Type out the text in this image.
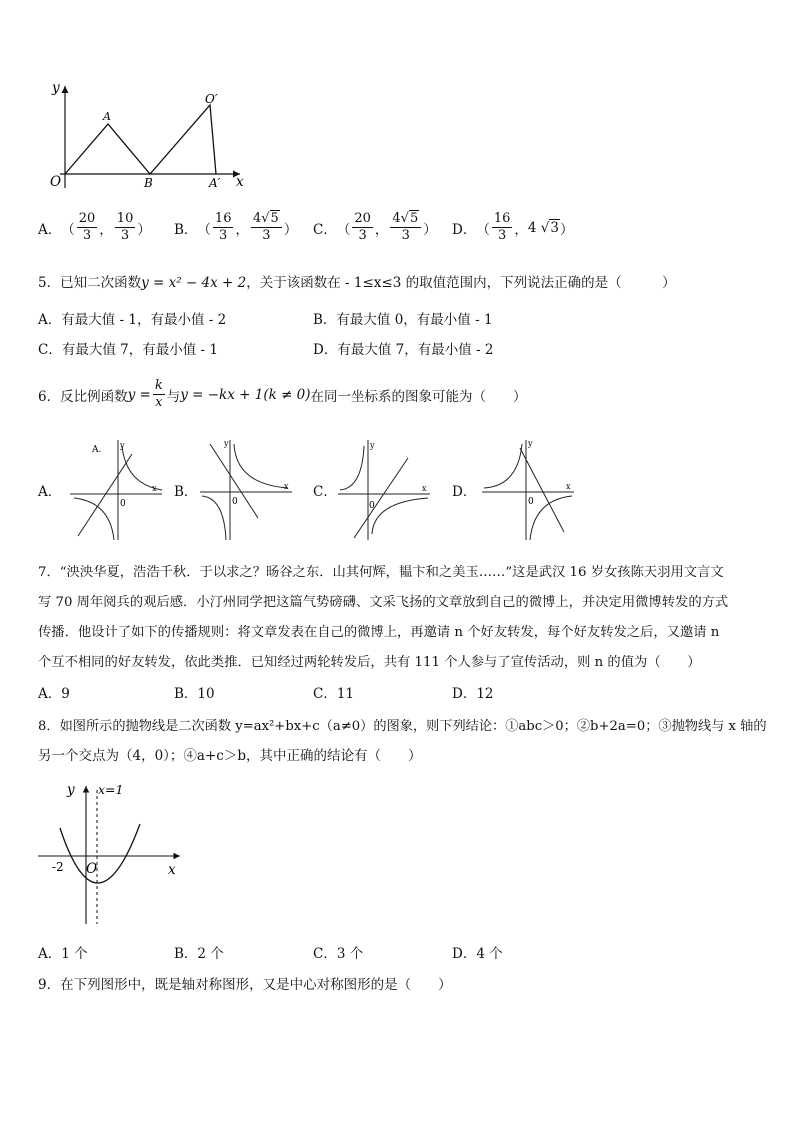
y
x
O
A
B	A′
O′
A． （ $\frac{20}{3}$ ， $\frac{10}{3}$ ） B． （ $\frac{16}{3}$ ， $\frac{4√5}{3}$ ） C． （ $\frac{20}{3}$ ， $\frac{4√5}{3}$ ） D． （ $\frac{16}{3}$ ， 4 √3 ）
5．已知二次函数y = x² − 4x + 2，关于该函数在 - 1≤x≤3 的取值范围内，下列说法正确的是（　　　）
A．有最大值 - 1，有最小值 - 2	B．有最大值 0，有最小值 - 1
C．有最大值 7，有最小值 - 1	D．有最大值 7，有最小值 - 2
6．反比例函数 $y = \frac{k}{x}$ 与 y = −kx + 1(k ≠ 0) 在同一坐标系的图象可能为（　　）
A．	B．	C．	D．
A. y
x
0
y
x
0
y
x
0
y
x
0
7．“泱泱华夏，浩浩千秋．于以求之？旸谷之东．山其何辉，韫卞和之美玉……”这是武汉 16 岁女孩陈天羽用文言文
写 70 周年阅兵的观后感．小汀州同学把这篇气势磅礴、文采飞扬的文章放到自己的微博上，并决定用微博转发的方式
传播．他设计了如下的传播规则：将文章发表在自己的微博上，再邀请 n 个好友转发，每个好友转发之后，又邀请 n
个互不相同的好友转发，依此类推．已知经过两轮转发后，共有 111 个人参与了宣传活动，则 n 的值为（　　）
A．9	B．10	C．11	D．12
8．如图所示的抛物线是二次函数 y=ax²+bx+c（a≠0）的图象，则下列结论：①abc＞0；②b+2a=0；③抛物线与 x 轴的
另一个交点为（4，0）；④a+c＞b，其中正确的结论有（　　）
y x=1
x
O
-2
A．1 个	B．2 个	C．3 个	D．4 个
9．在下列图形中，既是轴对称图形，又是中心对称图形的是（　　）
